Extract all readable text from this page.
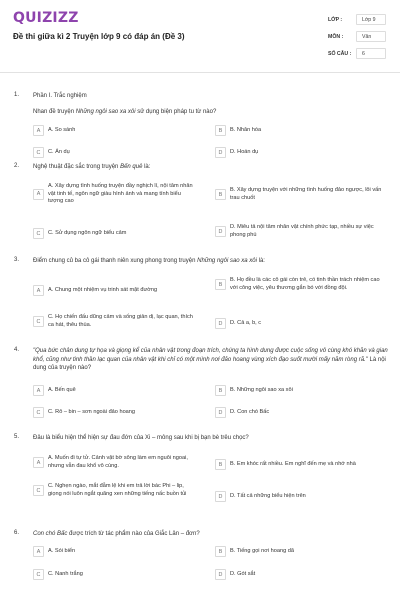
QUIZIZZ
Đề thi giữa kì 2 Truyện lớp 9 có đáp án (Đề 3)
LỚP :	Lớp 9
MÔN :	Văn
SỐ CÂU :	6
1. Phần I. Trắc nghiệm
Nhan đề truyện Những ngôi sao xa xôi sử dụng biện pháp tu từ nào?
A	A. So sánh	B	B. Nhân hóa
C	C. Ẩn dụ	D	D. Hoán dụ
2. Nghệ thuật đặc sắc trong truyện Bến quê là:
A
A. Xây dựng tình huống truyện đầy nghịch lí, nội tâm nhân vật tinh tế, ngôn ngữ giàu hình ảnh và mang tính biểu tượng cao
B
B. Xây dựng truyện với những tình huống đảo ngược, lôi vấn trau chuốt
C	C. Sử dụng ngôn ngữ biểu cảm	D
D. Miêu tả nội tâm nhân vật chính phức tạp, nhiều sự việc phong phú
3. Điểm chung củ ba cô gái thanh niên xung phong trong truyện Những ngôi sao xa xôi là:
A	A. Chung một nhiệm vụ trinh sát mặt đường
B
B. Họ đều là các cô gái còn trẻ, có tinh thần trách nhiệm cao với công việc, yêu thương gắn bó với đồng đội.
C
C. Họ chiến đấu dũng cảm và sống giản dị, lạc quan, thích ca hát, thêu thùa.	D	D. Cả a, b, c
4. "Qua bức chân dung tự họa và giọng kể của nhân vật trong đoạn trích, chúng ta hình dung được cuộc sống vô cùng khó khăn và gian khổ, cũng như tinh thần lạc quan của nhân vật khi chỉ có một mình nơi đảo hoang vùng xích đạo suốt mười mấy năm ròng rã." Là nội dung của truyện nào?
A	A. Bến quê	B	B. Những ngôi sao xa xôi
C	C. Rô – bin – sơn ngoài đảo hoang	D	D. Con chó Bấc
5. Đâu là biểu hiện thể hiện sự đau đớn của Xi – mông sau khi bị bạn bè trêu chọc?
A
A. Muốn đi tự tử. Cảnh vật bờ sông làm em nguôi ngoai, nhưng vẫn đau khổ vô cùng.	B	B. Em khóc rất nhiều. Em nghĩ đến mẹ và nhớ nhà
C
C. Nghẹn ngào, mắt đẫm lệ khi em trả lời bác Phi – lip, giọng nói luôn ngắt quãng xen những tiếng nấc buồn tủi	D	D. Tất cả những biểu hiện trên
6. Con chó Bấc được trích từ tác phẩm nào của Giắc Lân – đơn?
A	A. Sói biển	B	B. Tiếng gọi nơi hoang dã
C	C. Nanh trắng	D	D. Gót sắt
